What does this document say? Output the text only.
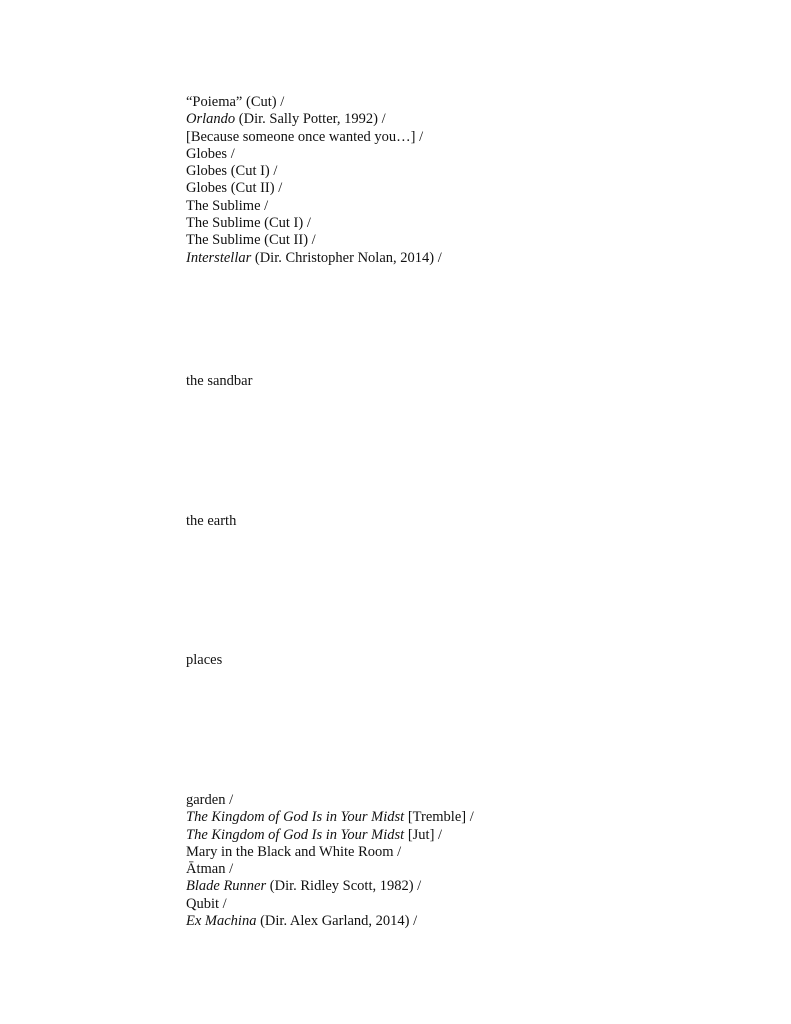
“Poiema” (Cut) /
Orlando (Dir. Sally Potter, 1992) /
[Because someone once wanted you…] /
Globes /
Globes (Cut I) /
Globes (Cut II) /
The Sublime /
The Sublime (Cut I) /
The Sublime (Cut II) /
Interstellar (Dir. Christopher Nolan, 2014) /
the sandbar
the earth
places
garden /
The Kingdom of God Is in Your Midst [Tremble] /
The Kingdom of God Is in Your Midst [Jut] /
Mary in the Black and White Room /
Ātman /
Blade Runner (Dir. Ridley Scott, 1982) /
Qubit /
Ex Machina (Dir. Alex Garland, 2014) /
